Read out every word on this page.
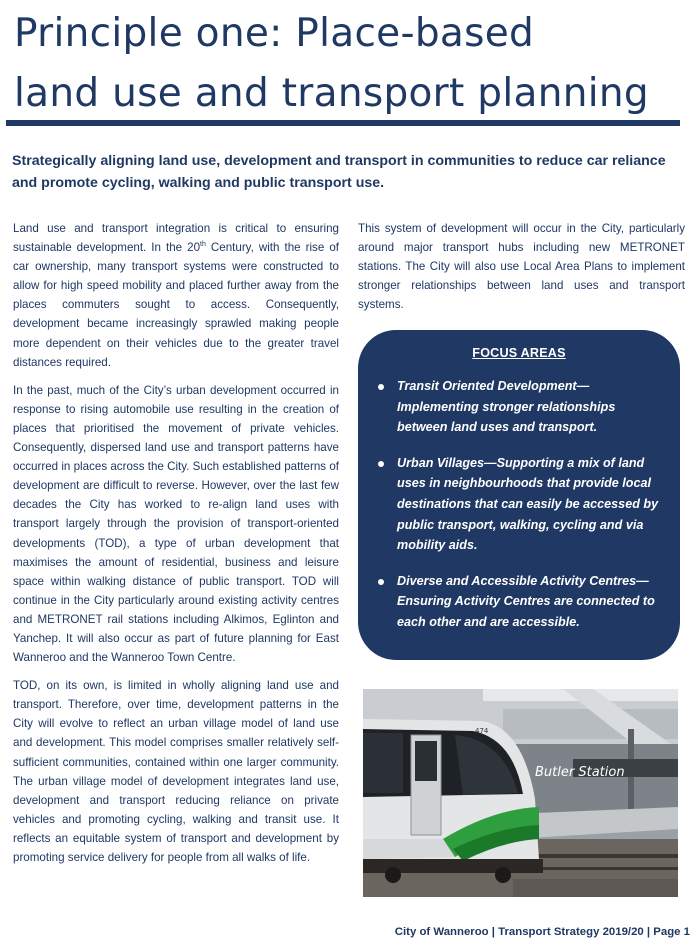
Principle one: Place-based
land use and transport planning

Strategically aligning land use, development and transport in communities to reduce car reliance and promote cycling, walking and public transport use.

Land use and transport integration is critical to ensuring sustainable development. In the 20th Century, with the rise of car ownership, many transport systems were constructed to allow for high speed mobility and placed further away from the places commuters sought to access. Consequently, development became increasingly sprawled making people more dependent on their vehicles due to the greater travel distances required.

In the past, much of the City’s urban development occurred in response to rising automobile use resulting in the creation of places that prioritised the movement of private vehicles. Consequently, dispersed land use and transport patterns have occurred in places across the City. Such established patterns of development are difficult to reverse. However, over the last few decades the City has worked to re-align land uses with transport largely through the provision of transport-oriented developments (TOD), a type of urban development that maximises the amount of residential, business and leisure space within walking distance of public transport. TOD will continue in the City particularly around existing activity centres and METRONET rail stations including Alkimos, Eglinton and Yanchep. It will also occur as part of future planning for East Wanneroo and the Wanneroo Town Centre.

TOD, on its own, is limited in wholly aligning land use and transport. Therefore, over time, development patterns in the City will evolve to reflect an urban village model of land use and development. This model comprises smaller relatively self-sufficient communities, contained within one larger community. The urban village model of development integrates land use, development and transport reducing reliance on private vehicles and promoting cycling, walking and transit use. It reflects an equitable system of transport and development by promoting service delivery for people from all walks of life.

This system of development will occur in the City, particularly around major transport hubs including new METRONET stations. The City will also use Local Area Plans to implement stronger relationships between land uses and transport systems.

FOCUS AREAS
Transit Oriented Development—Implementing stronger relationships between land uses and transport.
Urban Villages—Supporting a mix of land uses in neighbourhoods that provide local destinations that can easily be accessed by public transport, walking, cycling and via mobility aids.
Diverse and Accessible Activity Centres—Ensuring Activity Centres are connected to each other and are accessible.
Butler Station
474

City of Wanneroo | Transport Strategy 2019/20 | Page 1
